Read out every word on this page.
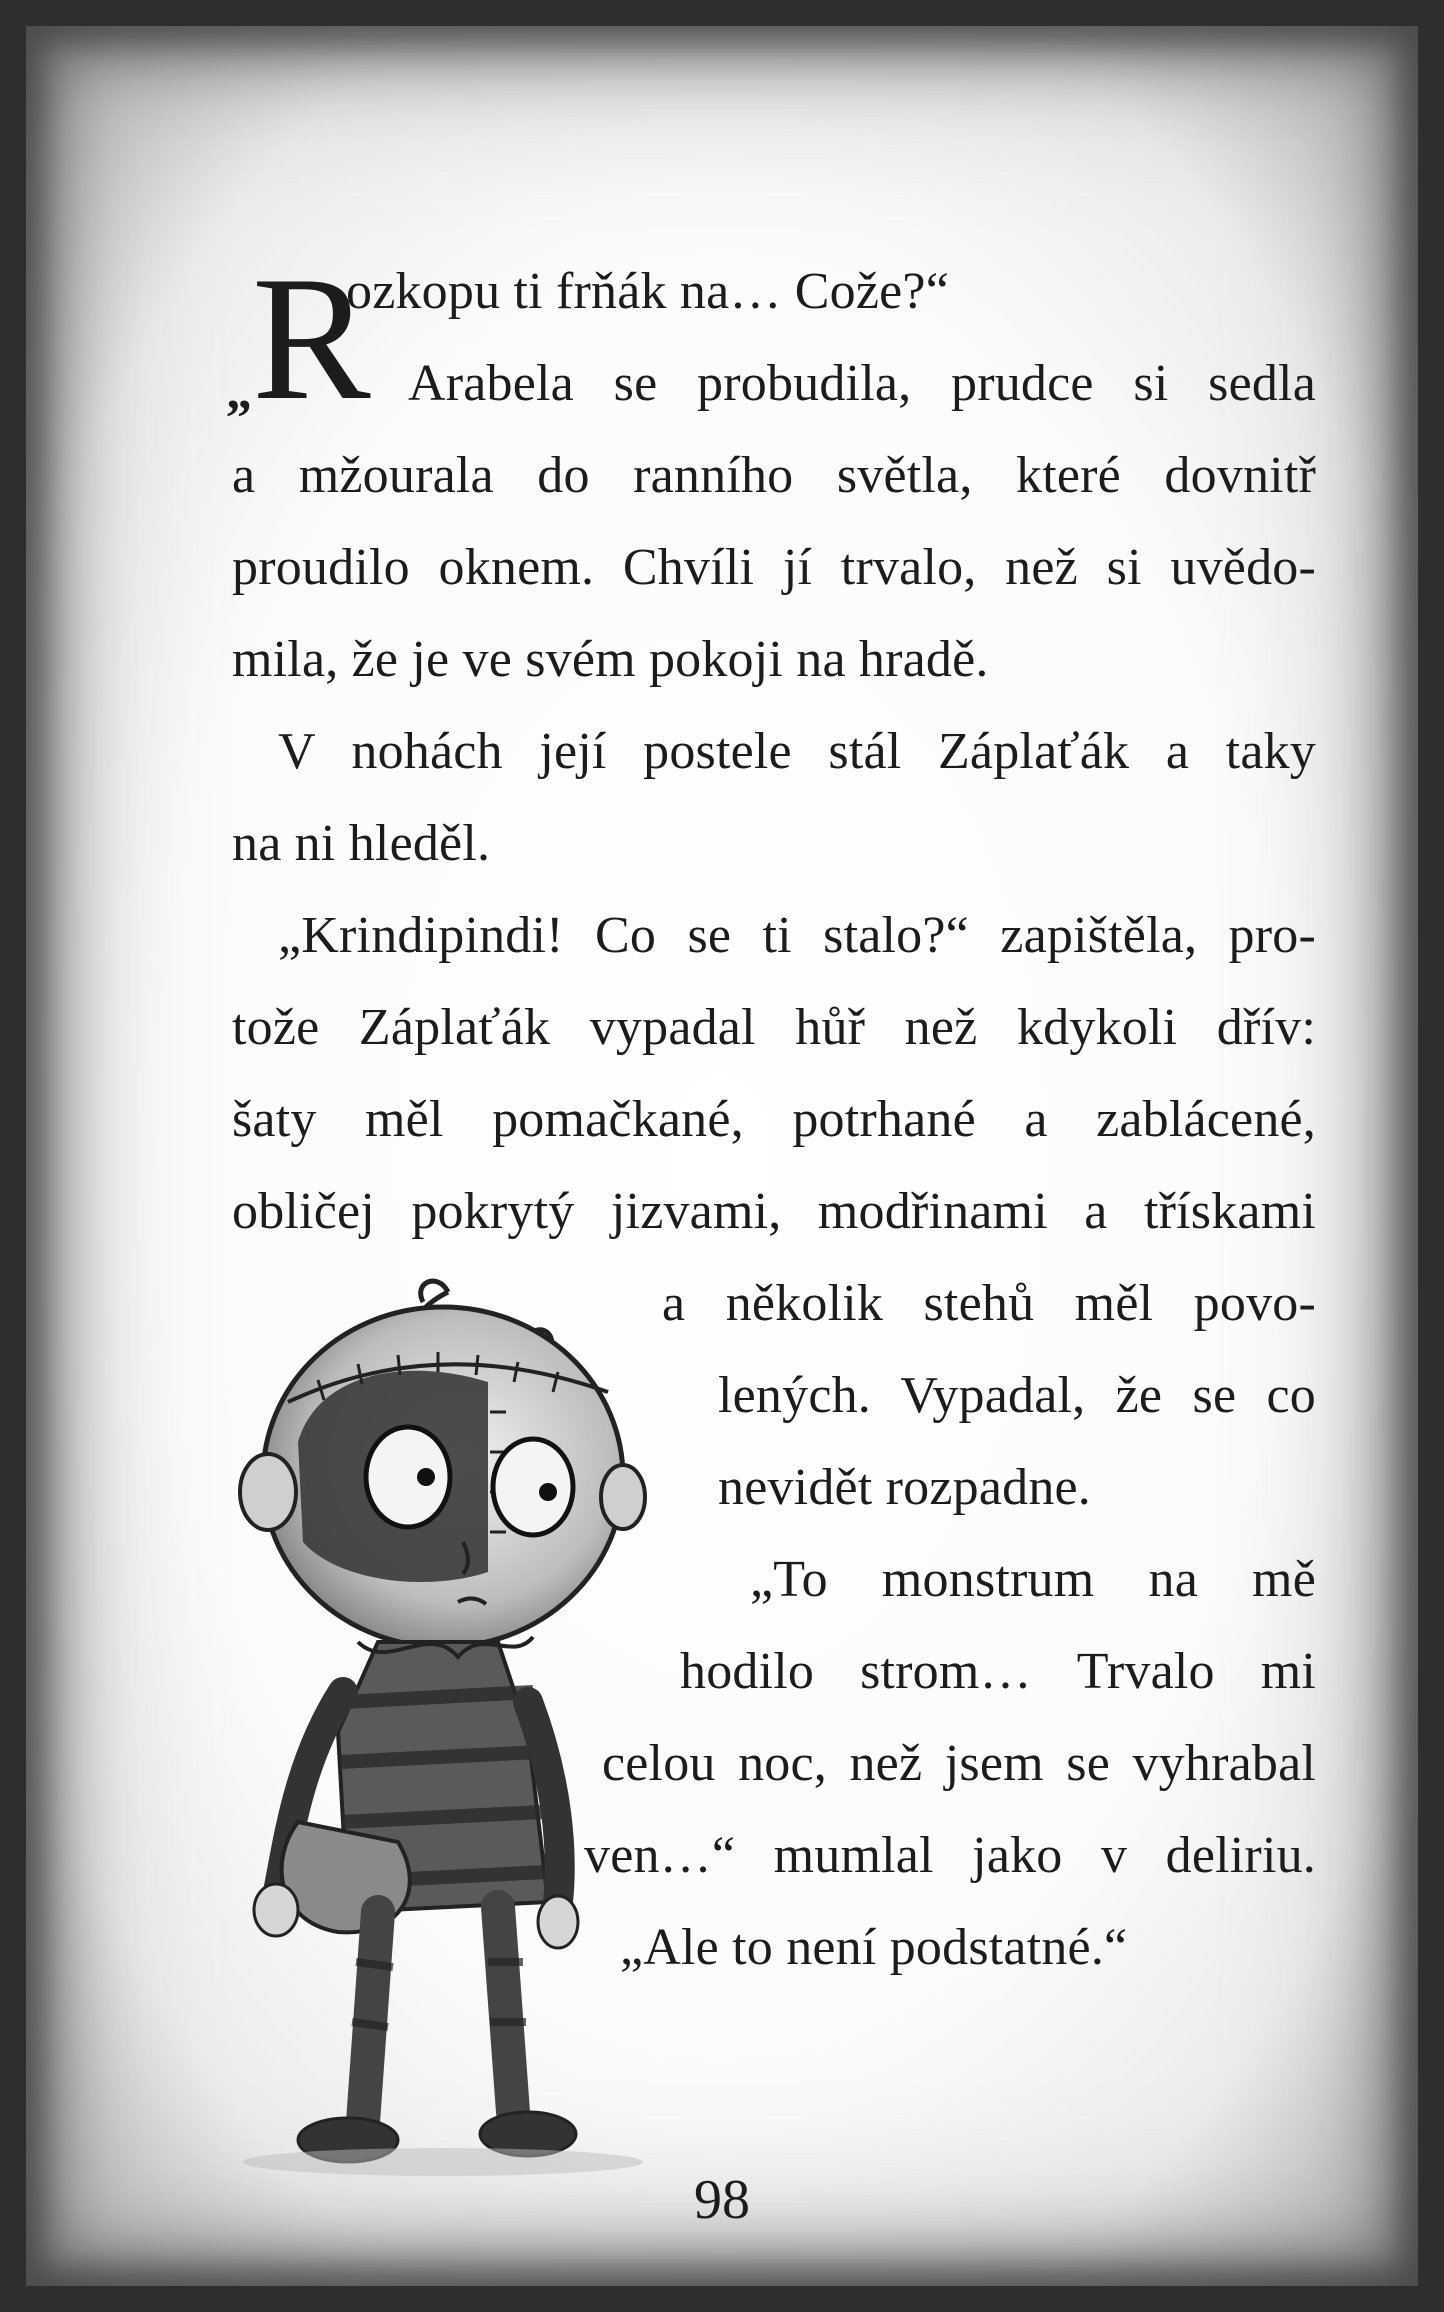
R
„
ozkopu ti frňák na… Cože?“
Arabela se probudila, prudce si sedla
a mžourala do ranního světla, které dovnitř
proudilo oknem. Chvíli jí trvalo, než si uvědo-
mila, že je ve svém pokoji na hradě.
V nohách její postele stál Záplaťák a taky
na ni hleděl.
„Krindipindi! Co se ti stalo?“ zapištěla, pro-
tože Záplaťák vypadal hůř než kdykoli dřív:
šaty měl pomačkané, potrhané a zablácené,
obličej pokrytý jizvami, modřinami a třískami
a několik stehů měl povo-
lených. Vypadal, že se co
nevidět rozpadne.
„To monstrum na mě
hodilo strom… Trvalo mi
celou noc, než jsem se vyhrabal
ven…“ mumlal jako v deliriu.
„Ale to není podstatné.“
98
